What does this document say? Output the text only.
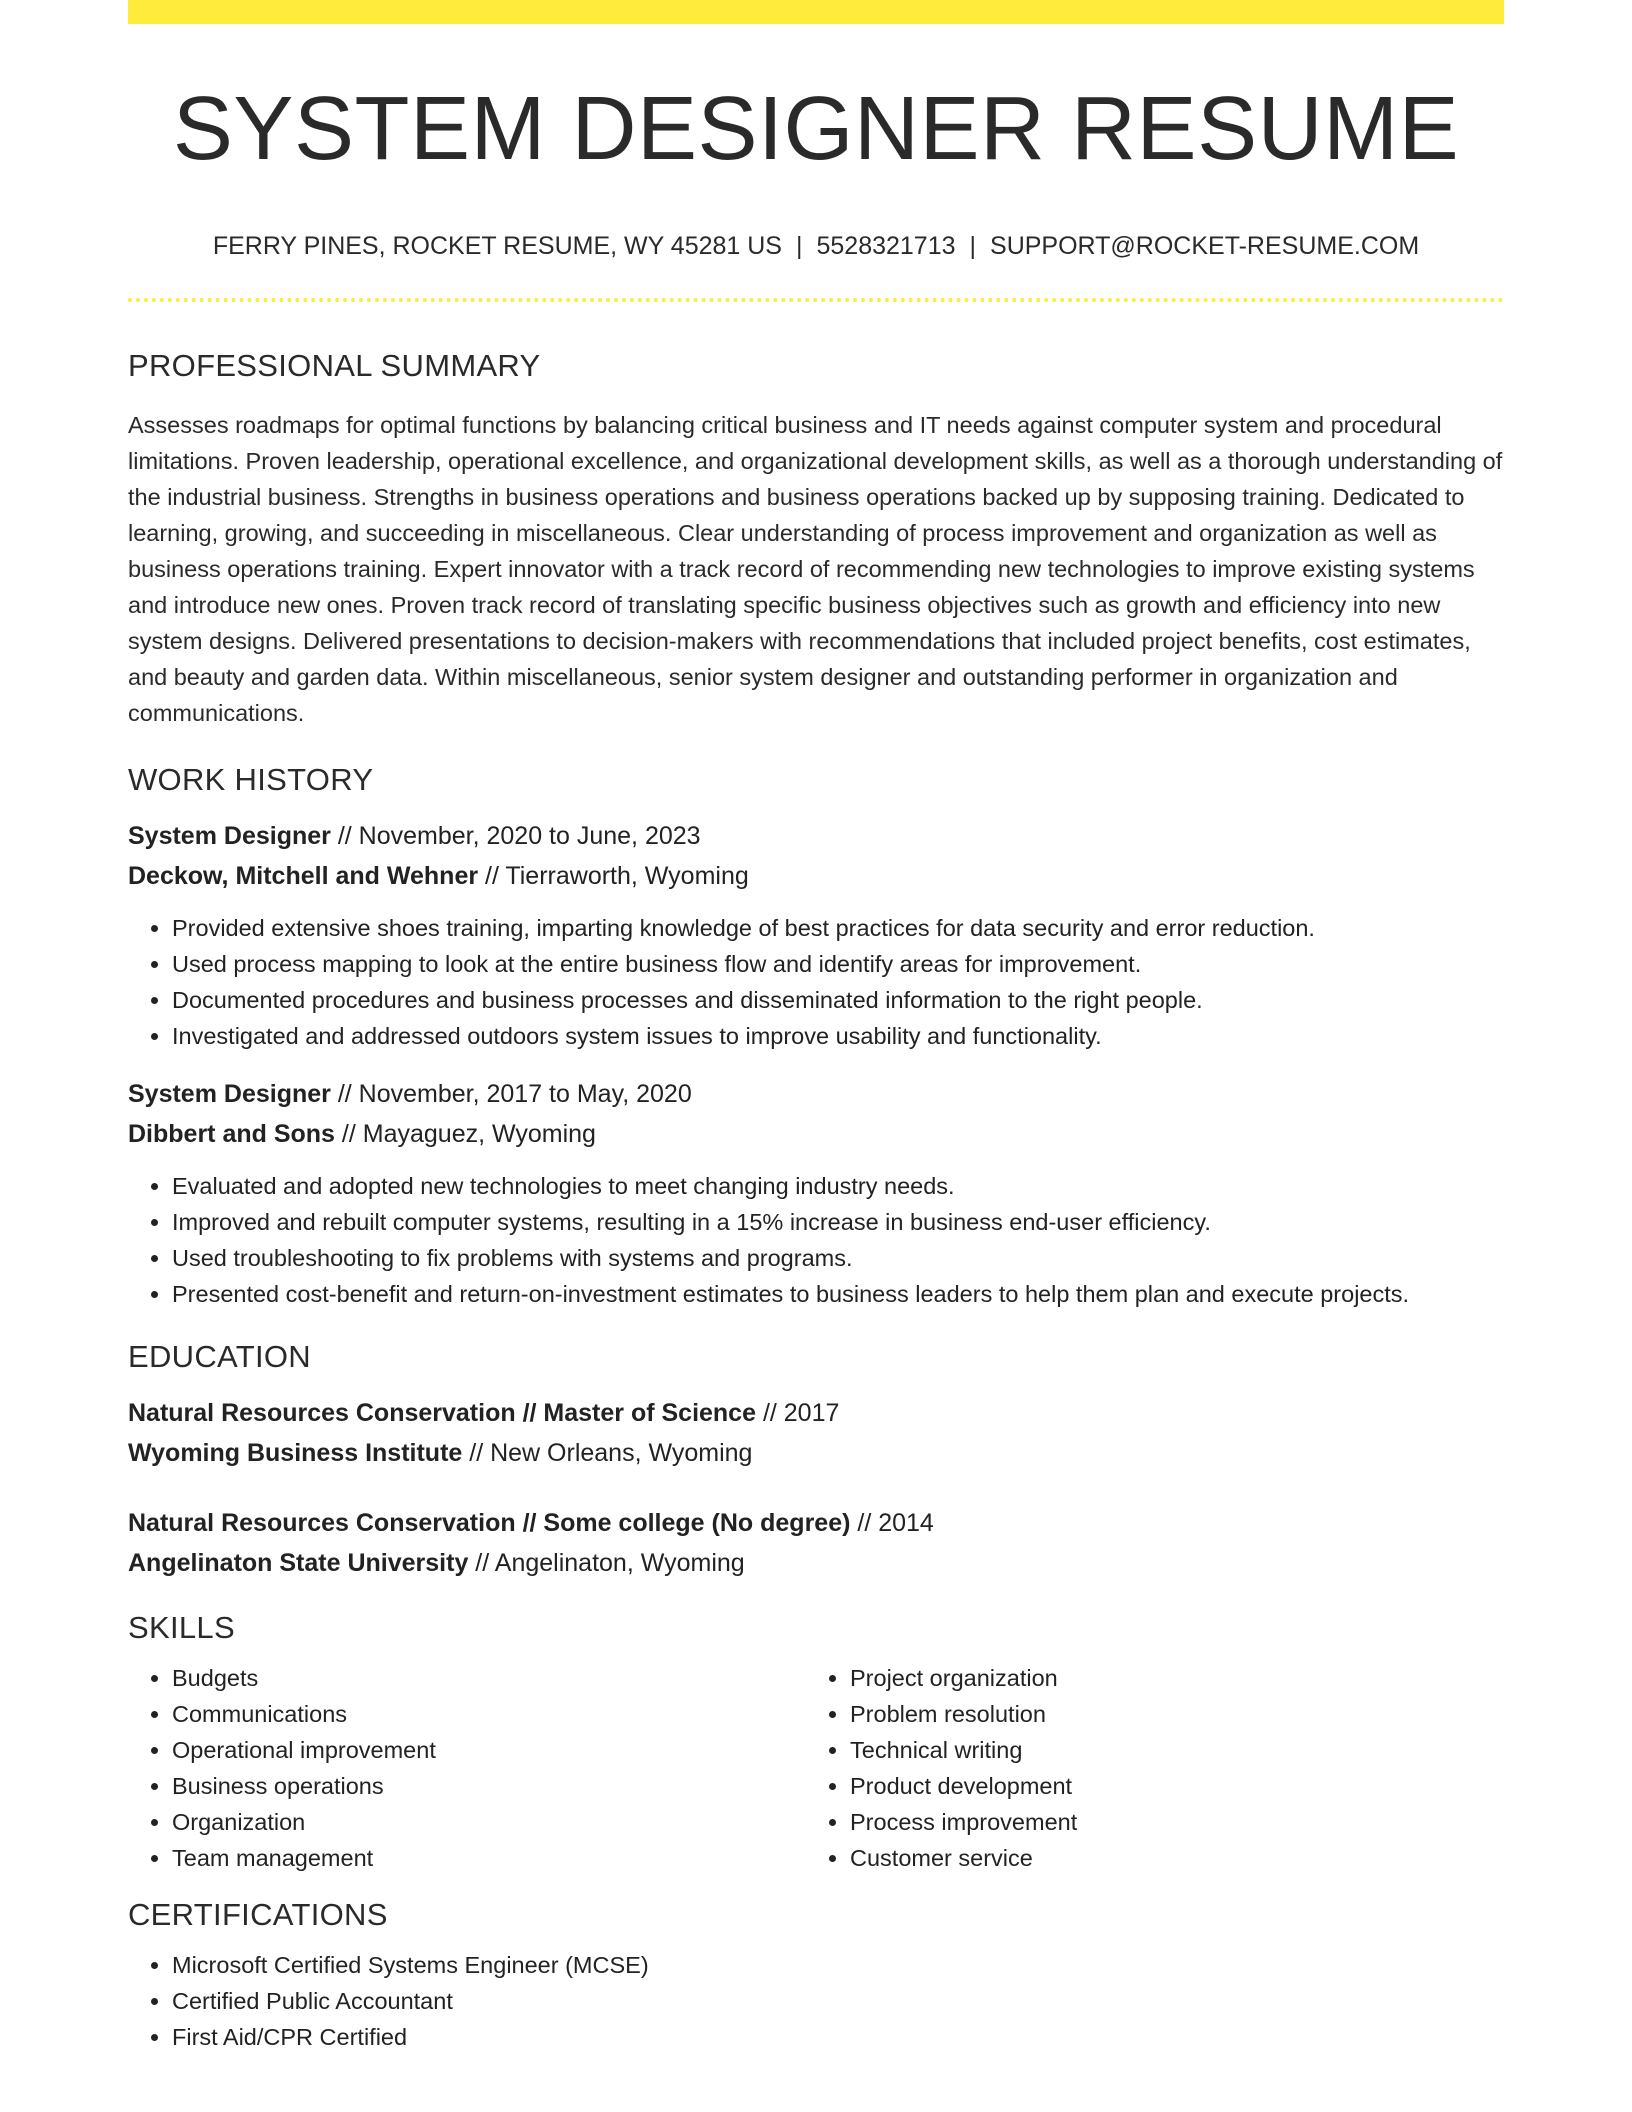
SYSTEM DESIGNER RESUME
FERRY PINES, ROCKET RESUME, WY 45281 US | 5528321713 | SUPPORT@ROCKET-RESUME.COM
PROFESSIONAL SUMMARY

Assesses roadmaps for optimal functions by balancing critical business and IT needs against computer system and procedural limitations. Proven leadership, operational excellence, and organizational development skills, as well as a thorough understanding of the industrial business. Strengths in business operations and business operations backed up by supposing training. Dedicated to learning, growing, and succeeding in miscellaneous. Clear understanding of process improvement and organization as well as business operations training. Expert innovator with a track record of recommending new technologies to improve existing systems and introduce new ones. Proven track record of translating specific business objectives such as growth and efficiency into new system designs. Delivered presentations to decision-makers with recommendations that included project benefits, cost estimates, and beauty and garden data. Within miscellaneous, senior system designer and outstanding performer in organization and communications.

WORK HISTORY
System Designer // November, 2020 to June, 2023
Deckow, Mitchell and Wehner // Tierraworth, Wyoming
• Provided extensive shoes training, imparting knowledge of best practices for data security and error reduction.
• Used process mapping to look at the entire business flow and identify areas for improvement.
• Documented procedures and business processes and disseminated information to the right people.
• Investigated and addressed outdoors system issues to improve usability and functionality.
System Designer // November, 2017 to May, 2020
Dibbert and Sons // Mayaguez, Wyoming
• Evaluated and adopted new technologies to meet changing industry needs.
• Improved and rebuilt computer systems, resulting in a 15% increase in business end-user efficiency.
• Used troubleshooting to fix problems with systems and programs.
• Presented cost-benefit and return-on-investment estimates to business leaders to help them plan and execute projects.
EDUCATION
Natural Resources Conservation // Master of Science // 2017
Wyoming Business Institute // New Orleans, Wyoming
Natural Resources Conservation // Some college (No degree) // 2014
Angelinaton State University // Angelinaton, Wyoming
SKILLS
• Budgets
• Communications
• Operational improvement
• Business operations
• Organization
• Team management
• Project organization
• Problem resolution
• Technical writing
• Product development
• Process improvement
• Customer service
CERTIFICATIONS
• Microsoft Certified Systems Engineer (MCSE)
• Certified Public Accountant
• First Aid/CPR Certified
